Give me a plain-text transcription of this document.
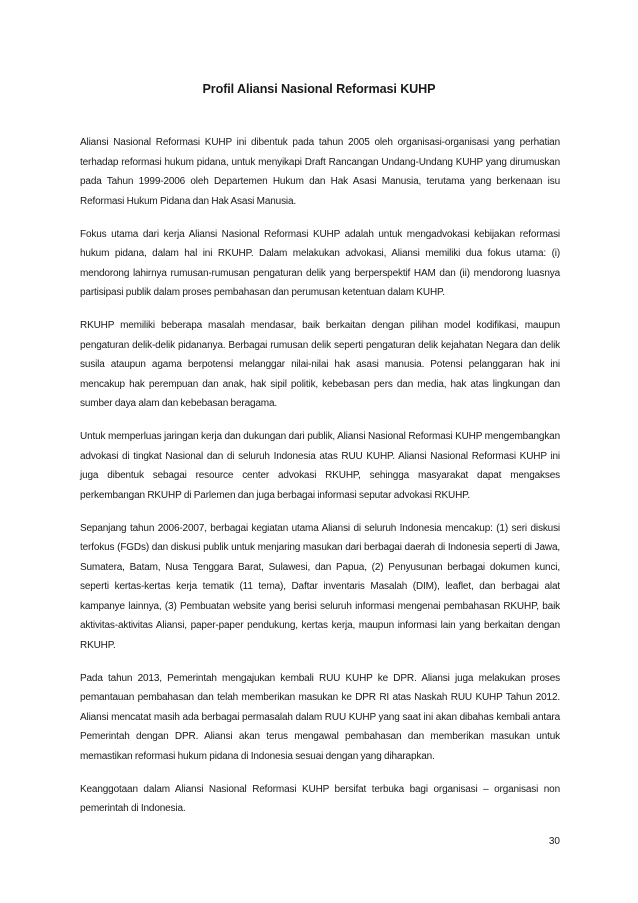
Profil Aliansi Nasional Reformasi KUHP

Aliansi Nasional Reformasi KUHP ini dibentuk pada tahun 2005 oleh organisasi-organisasi yang perhatian terhadap reformasi hukum pidana, untuk menyikapi Draft Rancangan Undang-Undang KUHP yang dirumuskan pada Tahun 1999-2006 oleh Departemen Hukum dan Hak Asasi Manusia, terutama yang berkenaan isu Reformasi Hukum Pidana dan Hak Asasi Manusia.

Fokus utama dari kerja Aliansi Nasional Reformasi KUHP adalah untuk mengadvokasi kebijakan reformasi hukum pidana, dalam hal ini RKUHP. Dalam melakukan advokasi, Aliansi memiliki dua fokus utama: (i) mendorong lahirnya rumusan-rumusan pengaturan delik yang berperspektif HAM dan (ii) mendorong luasnya partisipasi publik dalam proses pembahasan dan perumusan ketentuan dalam KUHP.

RKUHP memiliki beberapa masalah mendasar, baik berkaitan dengan pilihan model kodifikasi, maupun pengaturan delik-delik pidananya. Berbagai rumusan delik seperti pengaturan delik kejahatan Negara dan delik susila ataupun agama berpotensi melanggar nilai-nilai hak asasi manusia. Potensi pelanggaran hak ini mencakup hak perempuan dan anak, hak sipil politik, kebebasan pers dan media, hak atas lingkungan dan sumber daya alam dan kebebasan beragama.

Untuk memperluas jaringan kerja dan dukungan dari publik, Aliansi Nasional Reformasi KUHP mengembangkan advokasi di tingkat Nasional dan di seluruh Indonesia atas RUU KUHP. Aliansi Nasional Reformasi KUHP ini juga dibentuk sebagai resource center advokasi RKUHP, sehingga masyarakat dapat mengakses perkembangan RKUHP di Parlemen dan juga berbagai informasi seputar advokasi RKUHP.

Sepanjang tahun 2006-2007, berbagai kegiatan utama Aliansi di seluruh Indonesia mencakup: (1) seri diskusi terfokus (FGDs) dan diskusi publik untuk menjaring masukan dari berbagai daerah di Indonesia seperti di Jawa, Sumatera, Batam, Nusa Tenggara Barat, Sulawesi, dan Papua, (2) Penyusunan berbagai dokumen kunci, seperti kertas-kertas kerja tematik (11 tema), Daftar inventaris Masalah (DIM), leaflet, dan berbagai alat kampanye lainnya, (3) Pembuatan website yang berisi seluruh informasi mengenai pembahasan RKUHP, baik aktivitas-aktivitas Aliansi, paper-paper pendukung, kertas kerja, maupun informasi lain yang berkaitan dengan RKUHP.

Pada tahun 2013, Pemerintah mengajukan kembali RUU KUHP ke DPR. Aliansi juga melakukan proses pemantauan pembahasan dan telah memberikan masukan ke DPR RI atas Naskah RUU KUHP Tahun 2012. Aliansi mencatat masih ada berbagai permasalah dalam RUU KUHP yang saat ini akan dibahas kembali antara Pemerintah dengan DPR. Aliansi akan terus mengawal pembahasan dan memberikan masukan untuk memastikan reformasi hukum pidana di Indonesia sesuai dengan yang diharapkan.

Keanggotaan dalam Aliansi Nasional Reformasi KUHP bersifat terbuka bagi organisasi – organisasi non pemerintah di Indonesia.

30
